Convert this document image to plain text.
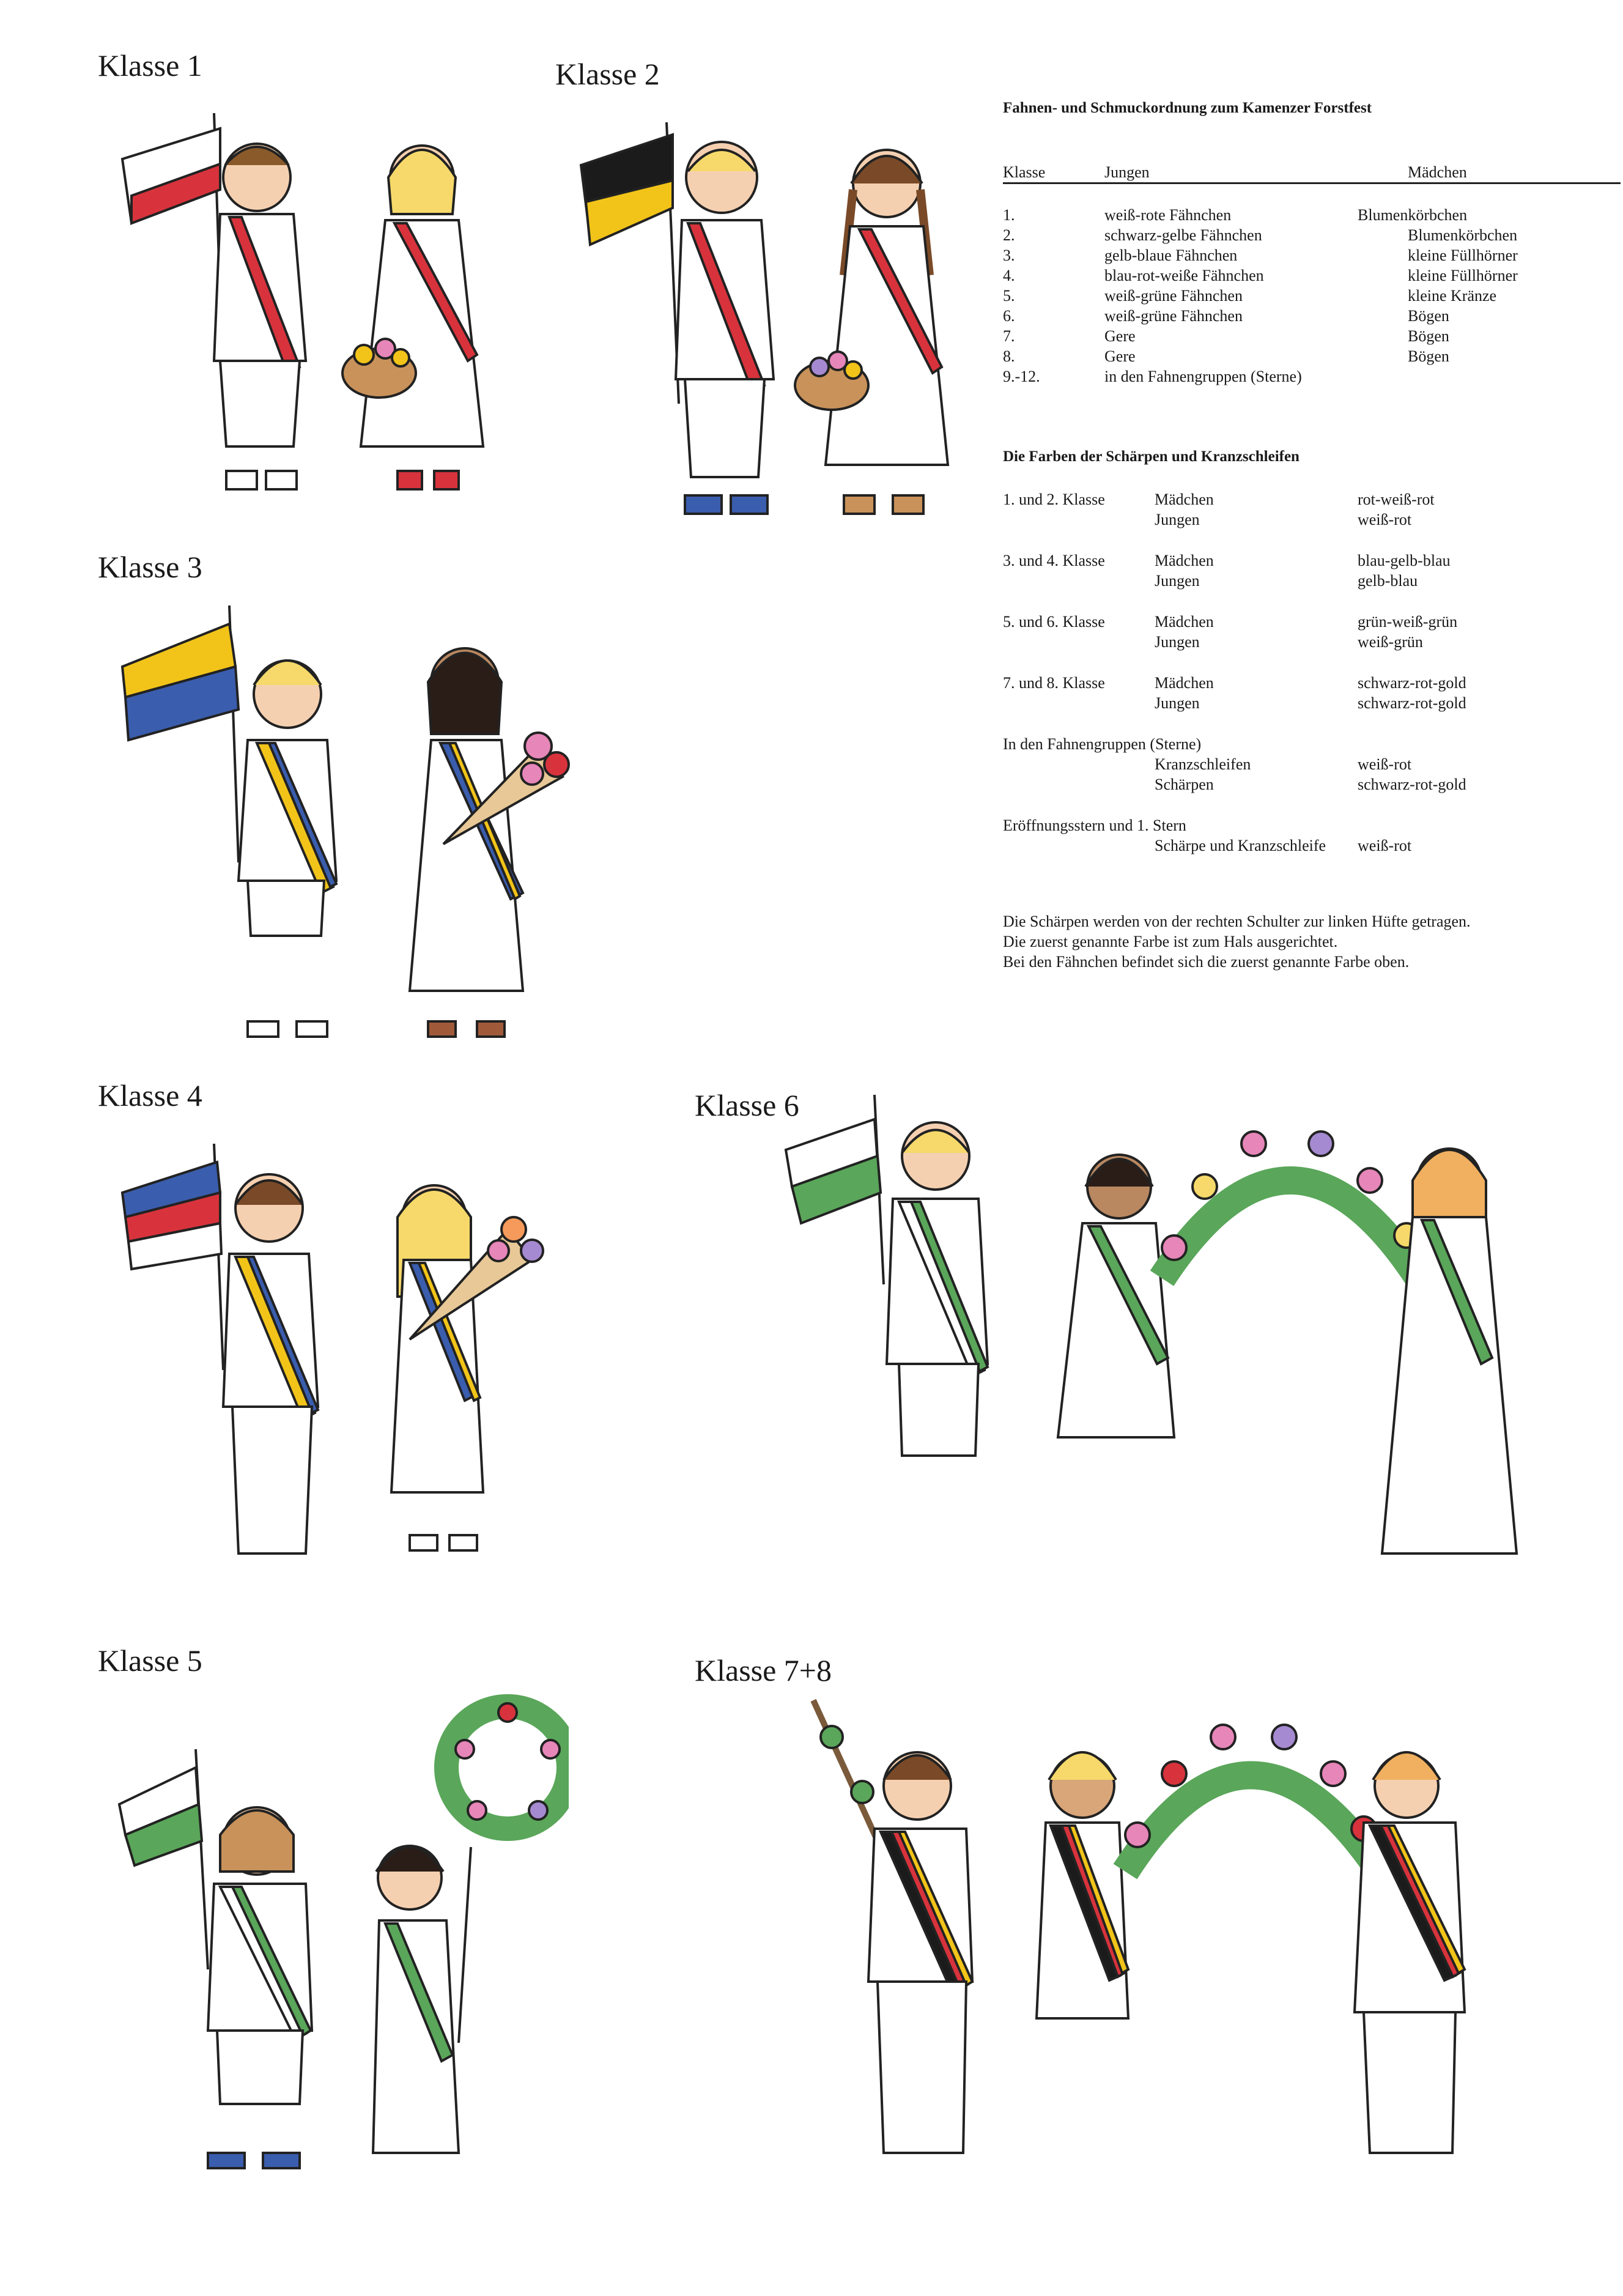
Klasse 1	Klasse 2
Klasse 3
Klasse 4	Klasse 6
Klasse 5	Klasse 7+8
Fahnen- und Schmuckordnung zum Kamenzer Forstfest
Klasse	Jungen	Mädchen
1.	weiß-rote Fähnchen	Blumenkörbchen
2.	schwarz-gelbe Fähnchen	Blumenkörbchen
3.	gelb-blaue Fähnchen	kleine Füllhörner
4.	blau-rot-weiße Fähnchen	kleine Füllhörner
5.	weiß-grüne Fähnchen	kleine Kränze
6.	weiß-grüne Fähnchen	Bögen
7.	Gere	Bögen
8.	Gere	Bögen
9.-12.	in den Fahnengruppen (Sterne)
Die Farben der Schärpen und Kranzschleifen
1. und 2. Klasse	Mädchen	rot-weiß-rot
Jungen	weiß-rot
3. und 4. Klasse	Mädchen	blau-gelb-blau
Jungen	gelb-blau
5. und 6. Klasse	Mädchen	grün-weiß-grün
Jungen	weiß-grün
7. und 8. Klasse	Mädchen	schwarz-rot-gold
Jungen	schwarz-rot-gold
In den Fahnengruppen (Sterne)
Kranzschleifen	weiß-rot
Schärpen	schwarz-rot-gold
Eröffnungsstern und 1. Stern
Schärpe und Kranzschleife weiß-rot
Die Schärpen werden von der rechten Schulter zur linken Hüfte getragen.
Die zuerst genannte Farbe ist zum Hals ausgerichtet.
Bei den Fähnchen befindet sich die zuerst genannte Farbe oben.
